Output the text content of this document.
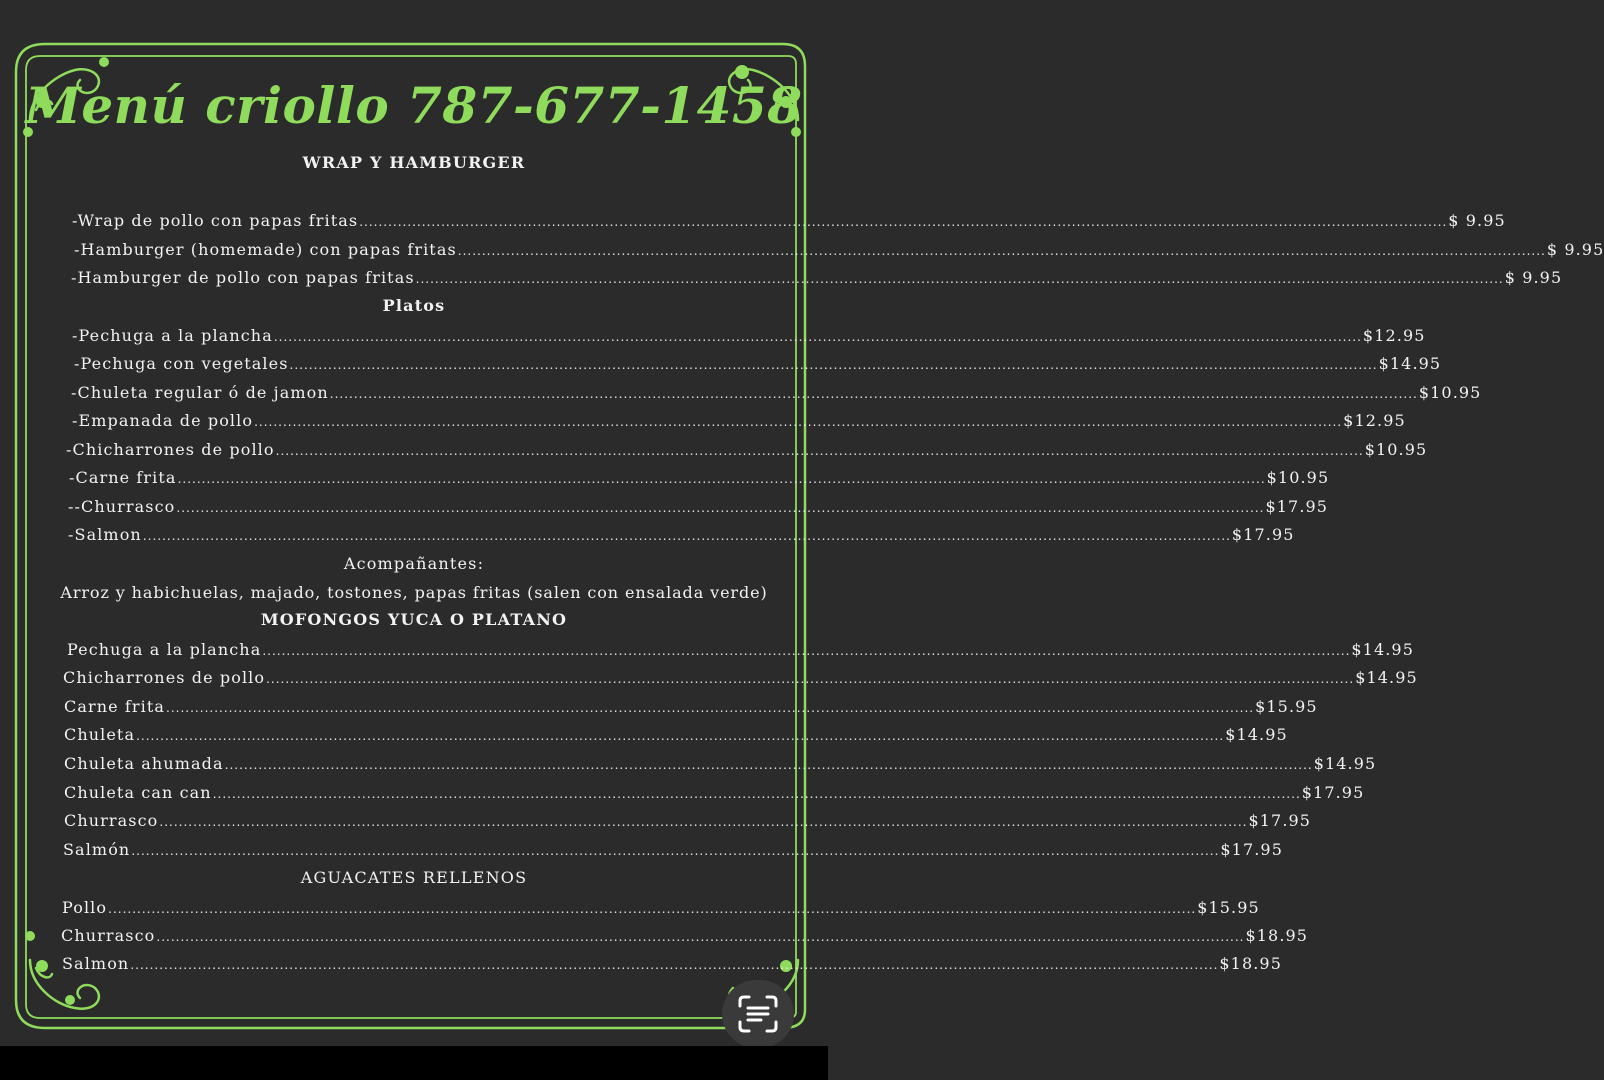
Menú criollo 787-677-1458
WRAP Y HAMBURGER
-Wrap de pollo con papas fritas .................................................................................................................................................................................................................................. $ 9.95
-Hamburger (homemade) con papas fritas .................................................................................................................................................................................................................................. $ 9.95
-Hamburger de pollo con papas fritas .................................................................................................................................................................................................................................. $ 9.95
Platos
-Pechuga a la plancha .................................................................................................................................................................................................................................. $12.95
-Pechuga con vegetales .................................................................................................................................................................................................................................. $14.95
-Chuleta regular ó de jamon .................................................................................................................................................................................................................................. $10.95
-Empanada de pollo .................................................................................................................................................................................................................................. $12.95
-Chicharrones de pollo .................................................................................................................................................................................................................................. $10.95
-Carne frita .................................................................................................................................................................................................................................. $10.95
--Churrasco .................................................................................................................................................................................................................................. $17.95
-Salmon .................................................................................................................................................................................................................................. $17.95
Acompañantes:
Arroz y habichuelas, majado, tostones, papas fritas (salen con ensalada verde)
MOFONGOS YUCA O PLATANO
Pechuga a la plancha .................................................................................................................................................................................................................................. $14.95
Chicharrones de pollo .................................................................................................................................................................................................................................. $14.95
Carne frita .................................................................................................................................................................................................................................. $15.95
Chuleta .................................................................................................................................................................................................................................. $14.95
Chuleta ahumada .................................................................................................................................................................................................................................. $14.95
Chuleta can can .................................................................................................................................................................................................................................. $17.95
Churrasco .................................................................................................................................................................................................................................. $17.95
Salmón .................................................................................................................................................................................................................................. $17.95
AGUACATES RELLENOS
Pollo .................................................................................................................................................................................................................................. $15.95
Churrasco .................................................................................................................................................................................................................................. $18.95
Salmon .................................................................................................................................................................................................................................. $18.95
